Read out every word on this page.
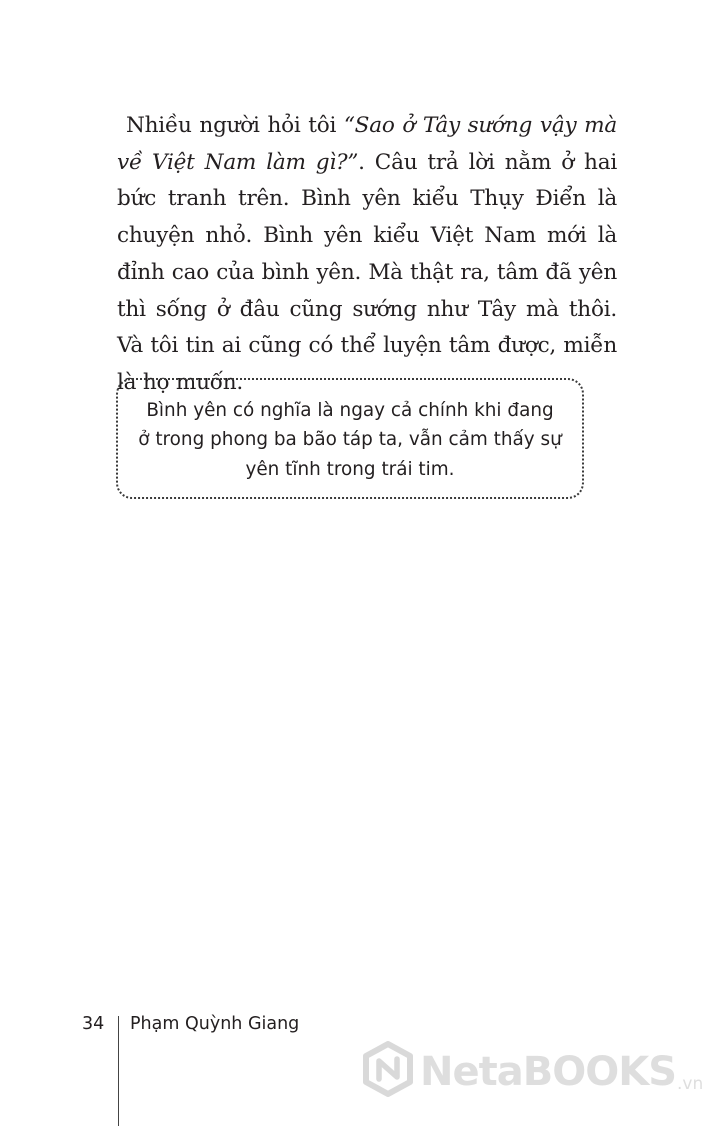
Nhiều người hỏi tôi “Sao ở Tây sướng vậy mà về Việt Nam làm gì?”. Câu trả lời nằm ở hai bức tranh trên. Bình yên kiểu Thụy Điển là chuyện nhỏ. Bình yên kiểu Việt Nam mới là đỉnh cao của bình yên. Mà thật ra, tâm đã yên thì sống ở đâu cũng sướng như Tây mà thôi. Và tôi tin ai cũng có thể luyện tâm được, miễn là họ muốn.

Bình yên có nghĩa là ngay cả chính khi đang
ở trong phong ba bão táp ta, vẫn cảm thấy sự
yên tĩnh trong trái tim.
34 Phạm Quỳnh Giang
NetaBOOKS .vn
